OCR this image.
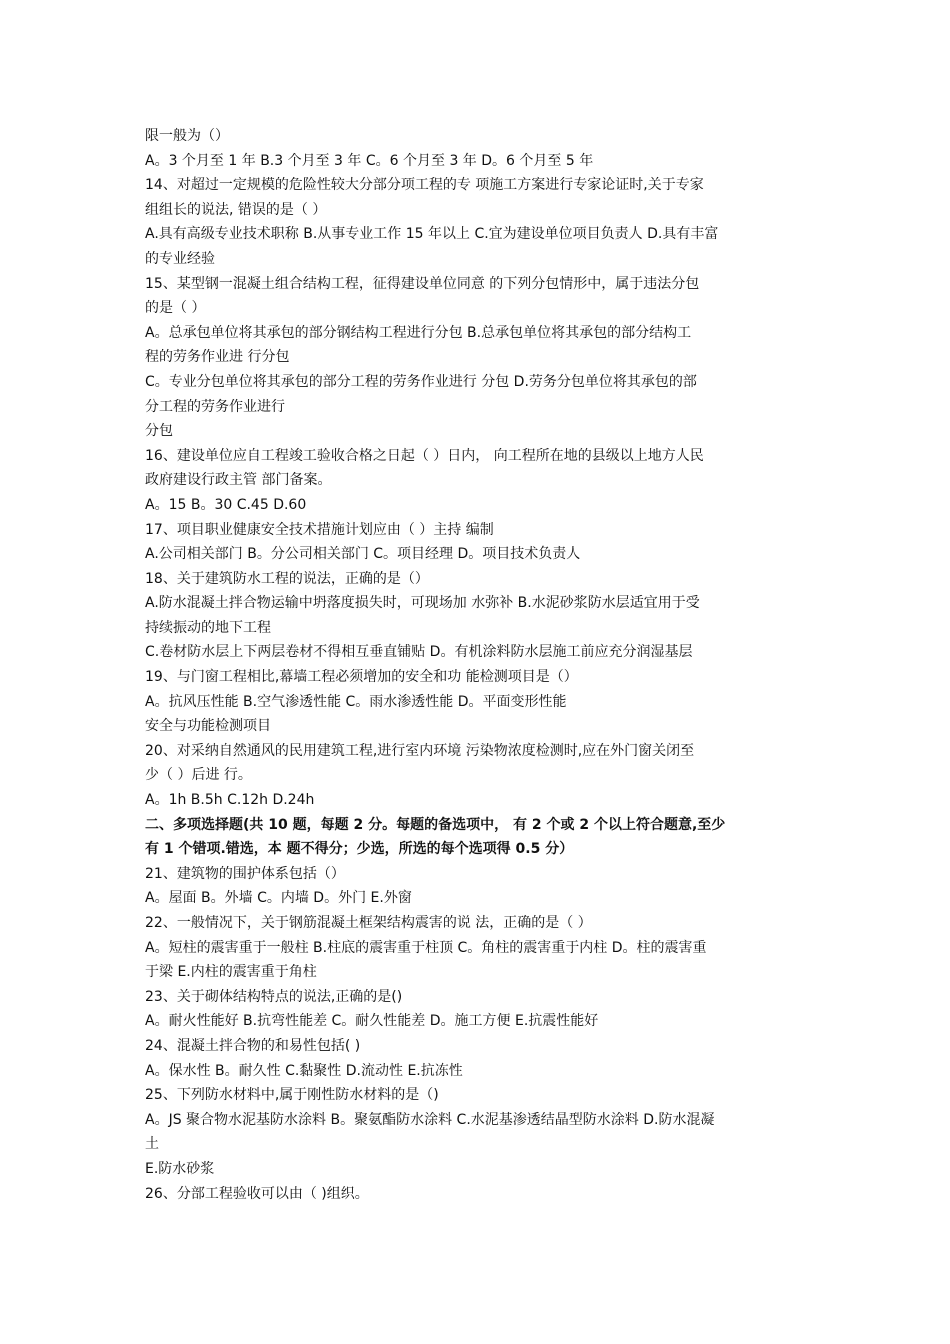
限一般为（）
A。3 个月至 1 年 B.3 个月至 3 年 C。6 个月至 3 年 D。6 个月至 5 年
14、对超过一定规模的危险性较大分部分项工程的专 项施工方案进行专家论证时,关于专家
组组长的说法, 错误的是（ ）
A.具有高级专业技术职称 B.从事专业工作 15 年以上 C.宜为建设单位项目负责人 D.具有丰富
的专业经验
15、某型钢一混凝土组合结构工程，征得建设单位同意 的下列分包情形中，属于违法分包
的是（ ）
A。总承包单位将其承包的部分钢结构工程进行分包 B.总承包单位将其承包的部分结构工
程的劳务作业进 行分包
C。专业分包单位将其承包的部分工程的劳务作业进行 分包 D.劳务分包单位将其承包的部
分工程的劳务作业进行
分包
16、建设单位应自工程竣工验收合格之日起（ ）日内， 向工程所在地的县级以上地方人民
政府建设行政主管 部门备案。
A。15 B。30 C.45 D.60
17、项目职业健康安全技术措施计划应由（ ）主持 编制
A.公司相关部门 B。分公司相关部门 C。项目经理 D。项目技术负责人
18、关于建筑防水工程的说法，正确的是（）
A.防水混凝土拌合物运输中坍落度损失时，可现场加 水弥补 B.水泥砂浆防水层适宜用于受
持续振动的地下工程
C.卷材防水层上下两层卷材不得相互垂直铺贴 D。有机涂料防水层施工前应充分润湿基层
19、与门窗工程相比,幕墙工程必须增加的安全和功 能检测项目是（）
A。抗风压性能 B.空气渗透性能 C。雨水渗透性能 D。平面变形性能
安全与功能检测项目
20、对采纳自然通风的民用建筑工程,进行室内环境 污染物浓度检测时,应在外门窗关闭至
少（ ）后进 行。
A。1h B.5h C.12h D.24h
二、多项选择题(共 10 题，每题 2 分。每题的备选项中， 有 2 个或 2 个以上符合题意,至少
有 1 个错项.错选，本 题不得分；少选，所选的每个选项得 0.5 分）
21、建筑物的围护体系包括（）
A。屋面 B。外墙 C。内墙 D。外门 E.外窗
22、一般情况下，关于钢筋混凝土框架结构震害的说 法，正确的是（ ）
A。短柱的震害重于一般柱 B.柱底的震害重于柱顶 C。角柱的震害重于内柱 D。柱的震害重
于梁 E.内柱的震害重于角柱
23、关于砌体结构特点的说法,正确的是()
A。耐火性能好 B.抗弯性能差 C。耐久性能差 D。施工方便 E.抗震性能好
24、混凝土拌合物的和易性包括( )
A。保水性 B。耐久性 C.黏聚性 D.流动性 E.抗冻性
25、下列防水材料中,属于刚性防水材料的是（)
A。JS 聚合物水泥基防水涂料 B。聚氨酯防水涂料 C.水泥基渗透结晶型防水涂料 D.防水混凝
土
E.防水砂浆
26、分部工程验收可以由（ )组织。
